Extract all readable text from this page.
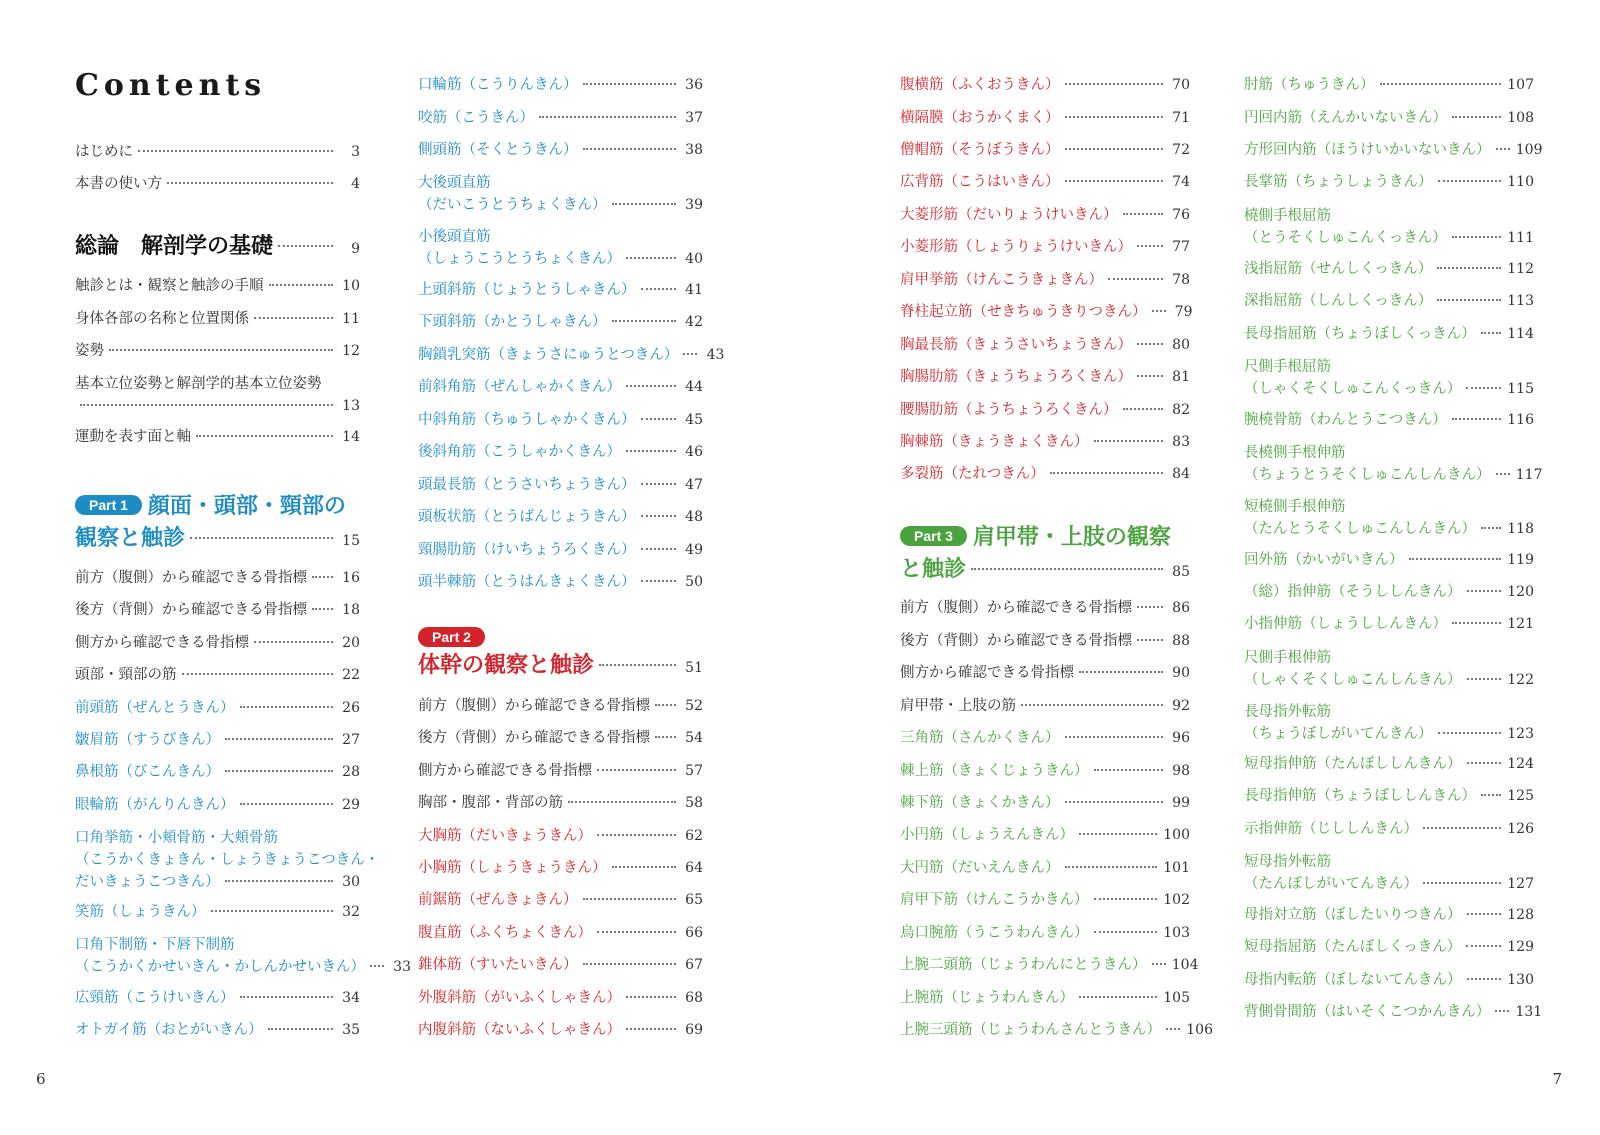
Contents
はじめに	3
本書の使い方	4
総論　解剖学の基礎	9
触診とは・観察と触診の手順	10
身体各部の名称と位置関係	11
姿勢	12
基本立位姿勢と解剖学的基本立位姿勢
13
運動を表す面と軸	14
Part 1 顔面・頭部・頸部の
観察と触診	15
前方（腹側）から確認できる骨指標	16
後方（背側）から確認できる骨指標	18
側方から確認できる骨指標	20
頭部・頸部の筋	22
前頭筋（ぜんとうきん）	26
皺眉筋（すうびきん）	27
鼻根筋（びこんきん）	28
眼輪筋（がんりんきん）	29
口角挙筋・小頬骨筋・大頬骨筋
（こうかくきょきん・しょうきょうこつきん・
だいきょうこつきん）	30
笑筋（しょうきん）	32
口角下制筋・下唇下制筋
（こうかくかせいきん・かしんかせいきん） 33
広頸筋（こうけいきん）	34
オトガイ筋（おとがいきん）	35
口輪筋（こうりんきん）	36
咬筋（こうきん）	37
側頭筋（そくとうきん）	38
大後頭直筋
（だいこうとうちょくきん）	39
小後頭直筋
（しょうこうとうちょくきん）	40
上頭斜筋（じょうとうしゃきん）	41
下頭斜筋（かとうしゃきん）	42
胸鎖乳突筋（きょうさにゅうとつきん） 43
前斜角筋（ぜんしゃかくきん）	44
中斜角筋（ちゅうしゃかくきん）	45
後斜角筋（こうしゃかくきん）	46
頭最長筋（とうさいちょうきん）	47
頭板状筋（とうばんじょうきん）	48
頸腸肋筋（けいちょうろくきん）	49
頭半棘筋（とうはんきょくきん）	50
Part 2
体幹の観察と触診	51
前方（腹側）から確認できる骨指標	52
後方（背側）から確認できる骨指標	54
側方から確認できる骨指標	57
胸部・腹部・背部の筋	58
大胸筋（だいきょうきん）	62
小胸筋（しょうきょうきん）	64
前鋸筋（ぜんきょきん）	65
腹直筋（ふくちょくきん）	66
錐体筋（すいたいきん）	67
外腹斜筋（がいふくしゃきん）	68
内腹斜筋（ないふくしゃきん）	69
腹横筋（ふくおうきん）	70
横隔膜（おうかくまく）	71
僧帽筋（そうぼうきん）	72
広背筋（こうはいきん）	74
大菱形筋（だいりょうけいきん）	76
小菱形筋（しょうりょうけいきん）	77
肩甲挙筋（けんこうきょきん）	78
脊柱起立筋（せきちゅうきりつきん） 79
胸最長筋（きょうさいちょうきん）	80
胸腸肋筋（きょうちょうろくきん）	81
腰腸肋筋（ようちょうろくきん）	82
胸棘筋（きょうきょくきん）	83
多裂筋（たれつきん）	84
Part 3 肩甲帯・上肢の観察
と触診	85
前方（腹側）から確認できる骨指標	86
後方（背側）から確認できる骨指標	88
側方から確認できる骨指標	90
肩甲帯・上肢の筋	92
三角筋（さんかくきん）	96
棘上筋（きょくじょうきん）	98
棘下筋（きょくかきん）	99
小円筋（しょうえんきん）	100
大円筋（だいえんきん）	101
肩甲下筋（けんこうかきん）	102
烏口腕筋（うこうわんきん）	103
上腕二頭筋（じょうわんにとうきん） 104
上腕筋（じょうわんきん）	105
上腕三頭筋（じょうわんさんとうきん） 106
肘筋（ちゅうきん）	107
円回内筋（えんかいないきん）	108
方形回内筋（ほうけいかいないきん） 109
長掌筋（ちょうしょうきん）	110
橈側手根屈筋
（とうそくしゅこんくっきん）	111
浅指屈筋（せんしくっきん）	112
深指屈筋（しんしくっきん）	113
長母指屈筋（ちょうぼしくっきん） 114
尺側手根屈筋
（しゃくそくしゅこんくっきん）	115
腕橈骨筋（わんとうこつきん）	116
長橈側手根伸筋
（ちょうとうそくしゅこんしんきん） 117
短橈側手根伸筋
（たんとうそくしゅこんしんきん） 118
回外筋（かいがいきん）	119
（総）指伸筋（そうししんきん）	120
小指伸筋（しょうししんきん）	121
尺側手根伸筋
（しゃくそくしゅこんしんきん）	122
長母指外転筋
（ちょうぼしがいてんきん）	123
短母指伸筋（たんぼししんきん）	124
長母指伸筋（ちょうぼししんきん） 125
示指伸筋（じししんきん）	126
短母指外転筋
（たんぼしがいてんきん）	127
母指対立筋（ぼしたいりつきん）	128
短母指屈筋（たんぼしくっきん）	129
母指内転筋（ぼしないてんきん）	130
背側骨間筋（はいそくこつかんきん） 131
6	7
